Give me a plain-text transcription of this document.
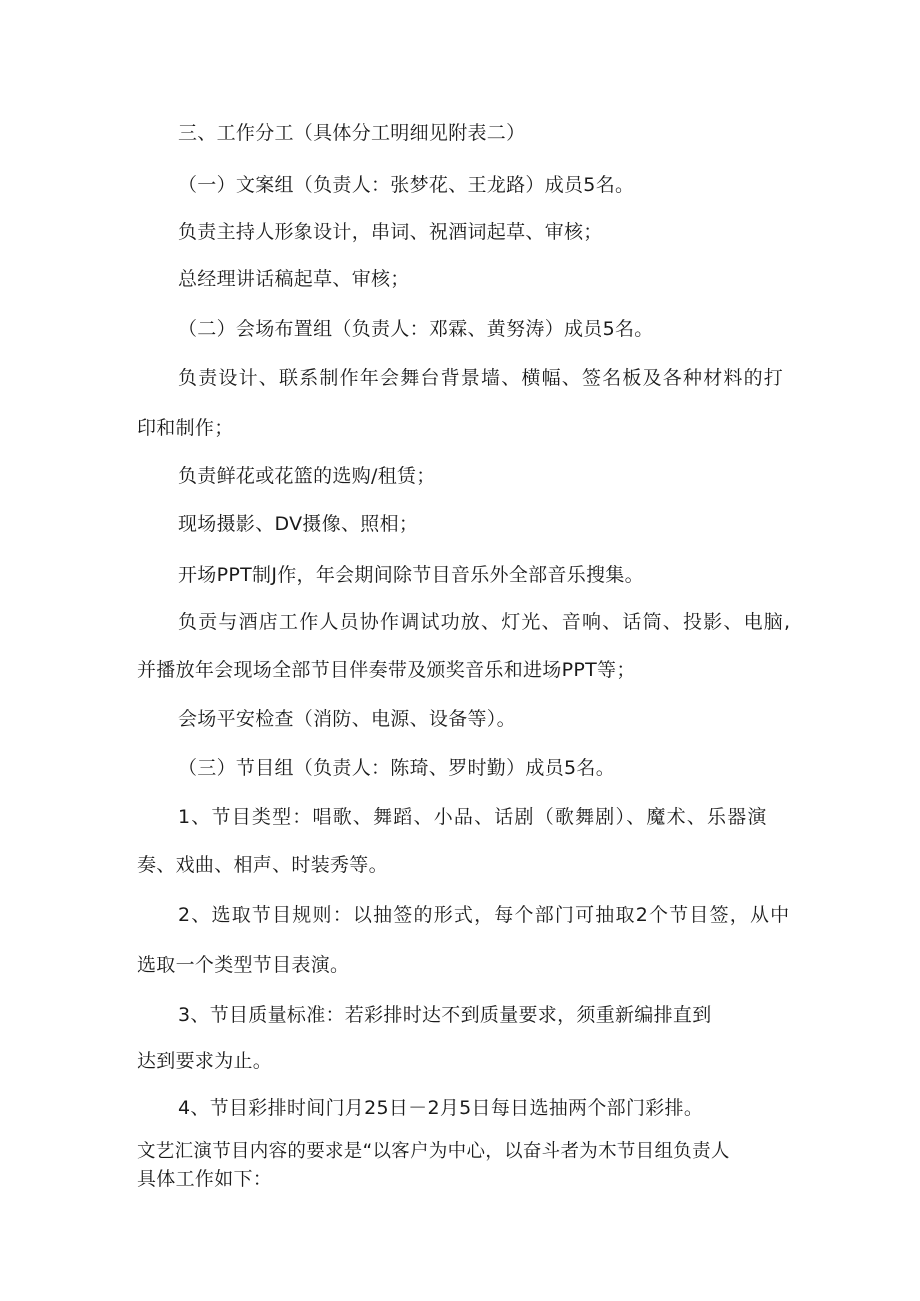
三、工作分工（具体分工明细见附表二）
（一）文案组（负责人：张梦花、王龙路）成员5名。
负责主持人形象设计，串词、祝酒词起草、审核；
总经理讲话稿起草、审核；
（二）会场布置组（负责人：邓霖、黄努涛）成员5名。
负责设计、联系制作年会舞台背景墙、横幅、签名板及各种材料的打
印和制作；
负责鲜花或花篮的选购/租赁；
现场摄影、DV摄像、照相；
开场PPT制J作，年会期间除节目音乐外全部音乐搜集。
负贡与酒店工作人员协作调试功放、灯光、音响、话筒、投影、电脑,
并播放年会现场全部节目伴奏带及颁奖音乐和进场PPT等；
会场平安检查（消防、电源、设备等）。
（三）节目组（负责人：陈琦、罗时勤）成员5名。
1、节目类型：唱歌、舞蹈、小品、话剧（歌舞剧）、魔术、乐器演
奏、戏曲、相声、时装秀等。
2、选取节目规则：以抽签的形式，每个部门可抽取2个节目签，从中
选取一个类型节目表演。
3、节目质量标准：若彩排时达不到质量要求，须重新编排直到
达到要求为止。
4、节目彩排时间门月25日－2月5日每日选抽两个部门彩排。
文艺汇演节目内容的要求是“以客户为中心，以奋斗者为木节目组负责人
具体工作如下：
